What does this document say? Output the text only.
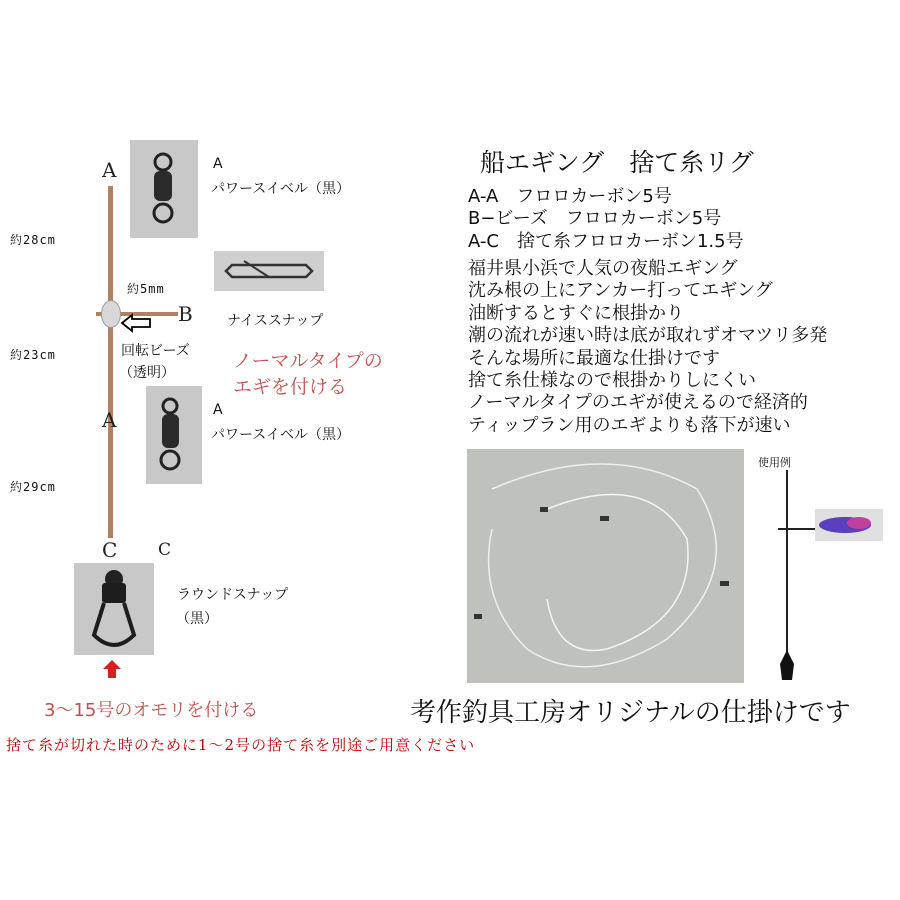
A
B
A
C C
約28cm
約5mm
約23cm
約29cm
A
パワースイベル（黒）
ナイススナップ
回転ビーズ
（透明）
ノーマルタイプの
エギを付ける
A
パワースイベル（黒）
ラウンドスナップ
（黒）
3～15号のオモリを付ける
船エギング　捨て糸リグ
A-A　フロロカーボン5号
B−ビーズ　フロロカーボン5号
A-C　捨て糸フロロカーボン1.5号
福井県小浜で人気の夜船エギング
沈み根の上にアンカー打ってエギング
油断するとすぐに根掛かり
潮の流れが速い時は底が取れずオマツリ多発
そんな場所に最適な仕掛けです
捨て糸仕様なので根掛かりしにくい
ノーマルタイプのエギが使えるので経済的
ティップラン用のエギよりも落下が速い
使用例
考作釣具工房オリジナルの仕掛けです
捨て糸が切れた時のために1〜2号の捨て糸を別途ご用意ください
